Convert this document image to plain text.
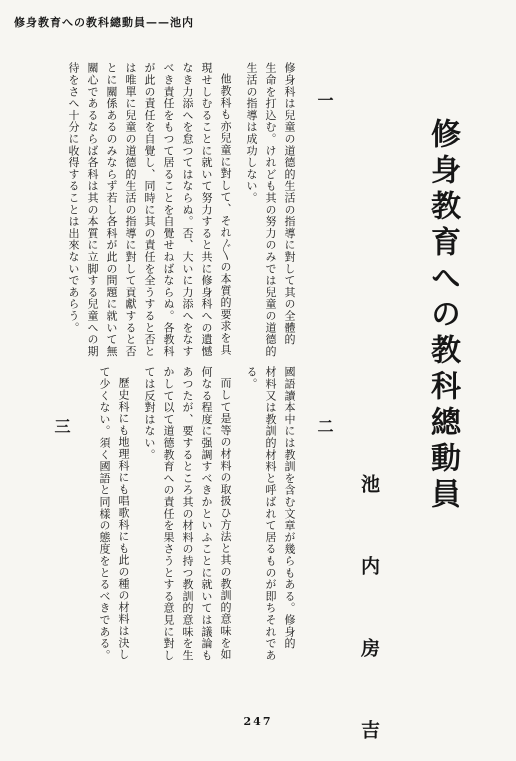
修身教育への教科總動員——池内
修身教育への教科總動員
池　内　房　吉
一
二
三
修身科は兒童の道德的生活の指導に對して其の全體的
生命を打込む。けれども其の努力のみでは兒童の道德的
生活の指導は成功しない。
他教科も亦兒童に對して、それ〴〵の本質的要求を具
現せしむることに就いて努力すると共に修身科への遺憾
なき力添へを怠つてはならぬ。否、大いに力添へをなす
べき責任をもつて居ることを自覺せねばならぬ。各教科
が此の責任を自覺し、同時に其の責任を全うすると否と
は唯單に兒童の道德的生活の指導に對して貢獻すると否
とに關係あるのみならず若し各科が此の問題に就いて無
關心であるならば各科は其の本質に立脚する兒童への期
待をさへ十分に收得することは出來ないであらう。
國語讀本中には教訓を含む文章が幾らもある。修身的
材料又は教訓的材料と呼ばれて居るものが即ちそれであ
る。
而して是等の材料の取扱ひ方法と其の教訓的意味を如
何なる程度に强調すべきかといふことに就いては議論も
あつたが、要するところ其の材料の持つ教訓的意味を生
かして以て道德教育への責任を果さうとする意見に對し
ては反對はない。
歷史科にも地理科にも唱歌科にも此の種の材料は決し
て少くない。須く國語と同樣の態度をとるべきである。
247
